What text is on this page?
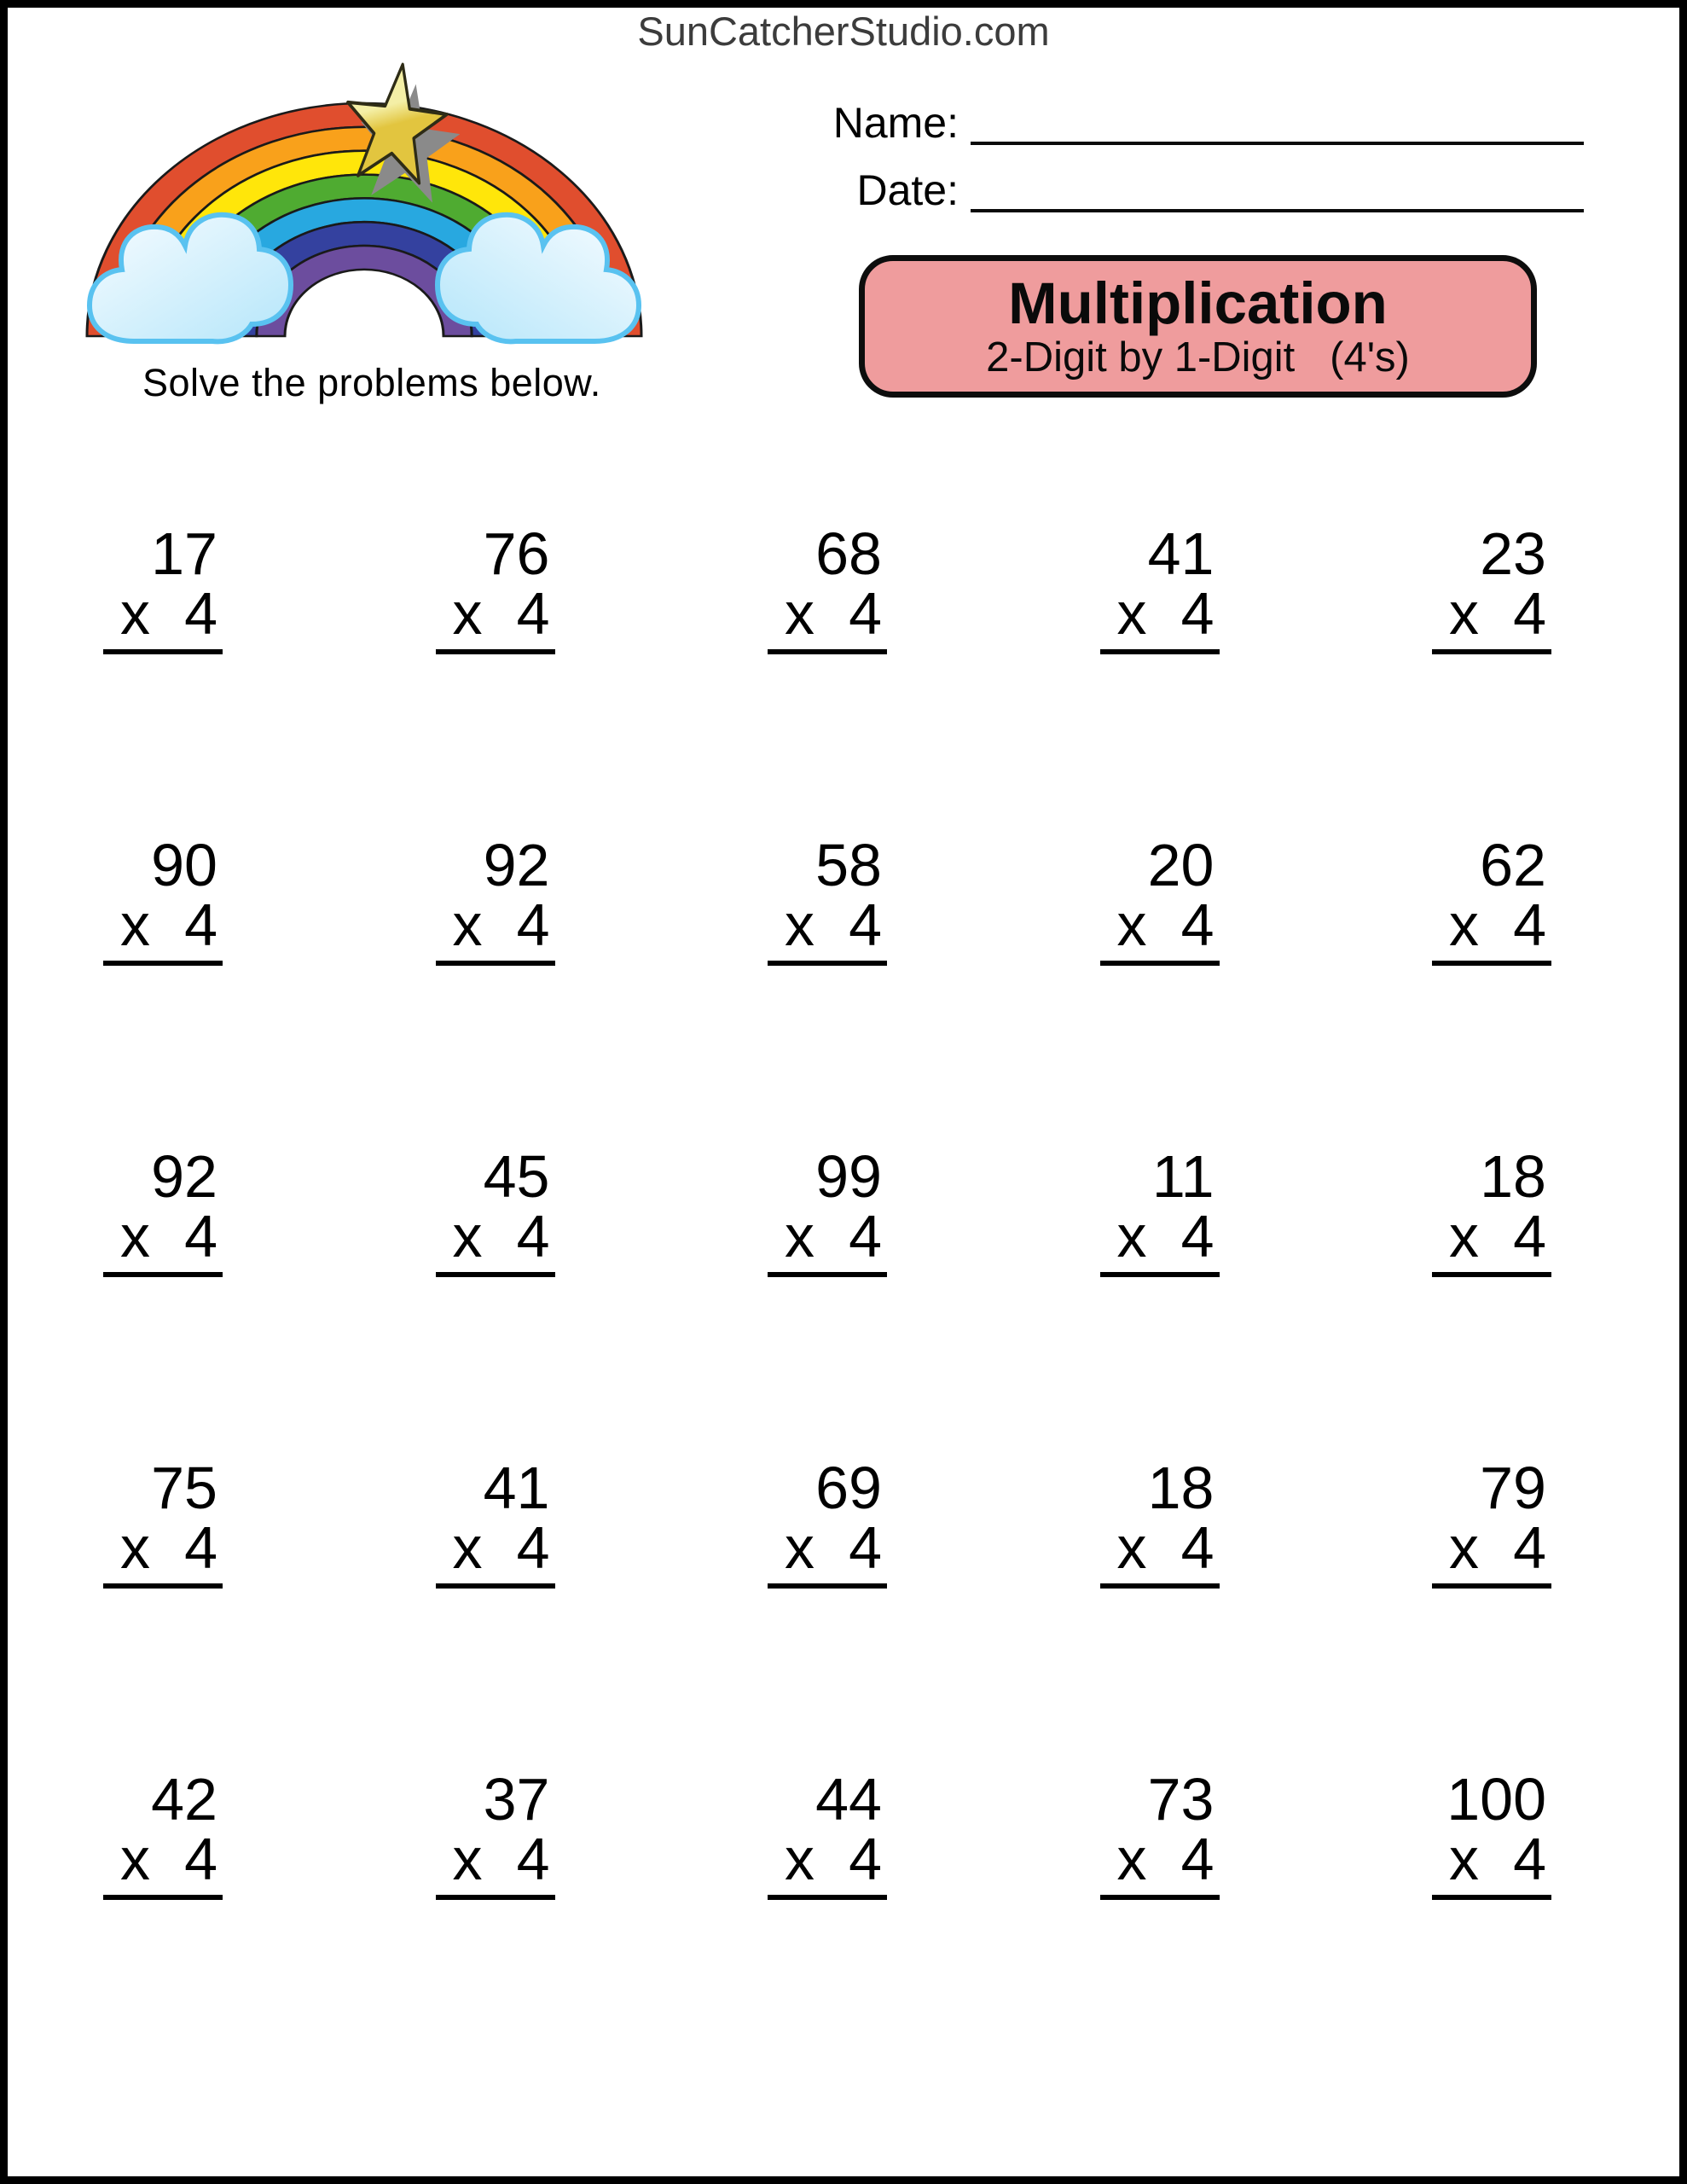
Solve the problems below.
Name:
Date:
Multiplication
2-Digit by 1-Digit   (4's)
17
x 4
76
x 4
68
x 4
41
x 4
23
x 4
90
x 4
92
x 4
58
x 4
20
x 4
62
x 4
92
x 4
45
x 4
99
x 4
11
x 4
18
x 4
75
x 4
41
x 4
69
x 4
18
x 4
79
x 4
42
x 4
37
x 4
44
x 4
73
x 4
100
x 4
SunCatcherStudio.com
